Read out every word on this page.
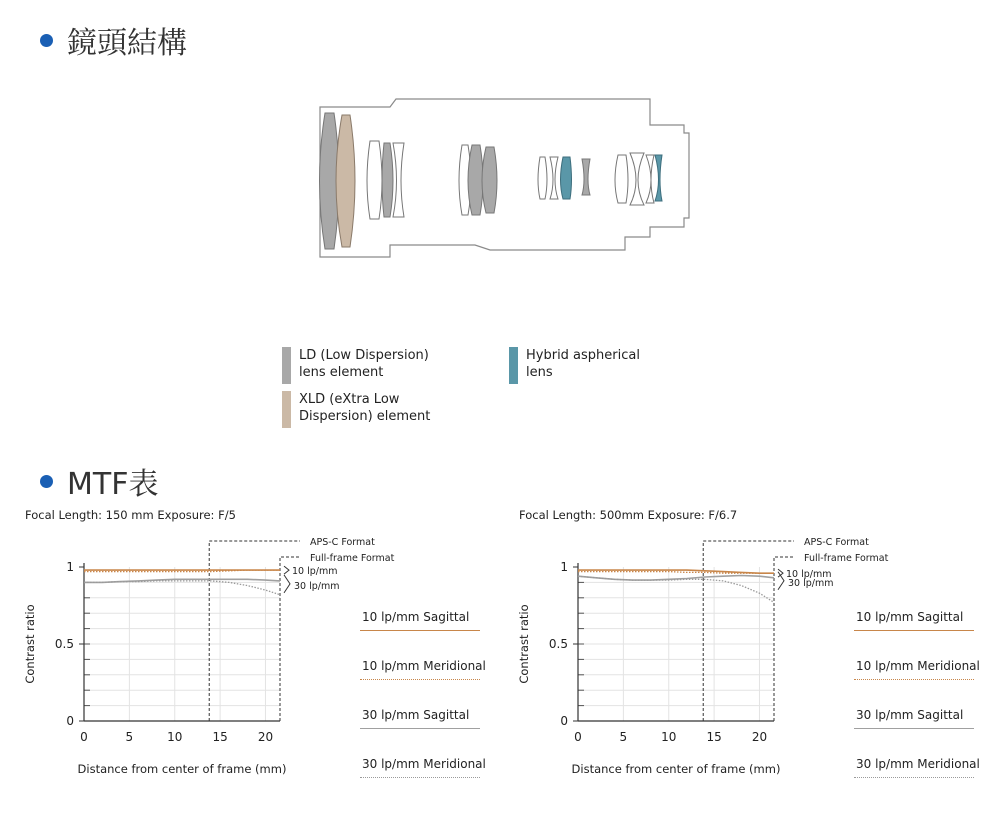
鏡頭結構
LD (Low Dispersion)
lens element
XLD (eXtra Low
Dispersion) element
Hybrid aspherical
lens
MTF表
Focal Length: 150 mm Exposure: F/5
0
0.5
1
0	5	10	15	20
Contrast ratio
Distance from center of frame (mm)
APS-C Format
Full-frame Format
10 lp/mm
30 lp/mm
10 lp/mm Sagittal
10 lp/mm Meridional
30 lp/mm Sagittal
30 lp/mm Meridional
Focal Length: 500mm Exposure: F/6.7
0
0.5
1
0	5	10	15	20
Contrast ratio
Distance from center of frame (mm)
APS-C Format
Full-frame Format
10 lp/mm
30 lp/mm
10 lp/mm Sagittal
10 lp/mm Meridional
30 lp/mm Sagittal
30 lp/mm Meridional
